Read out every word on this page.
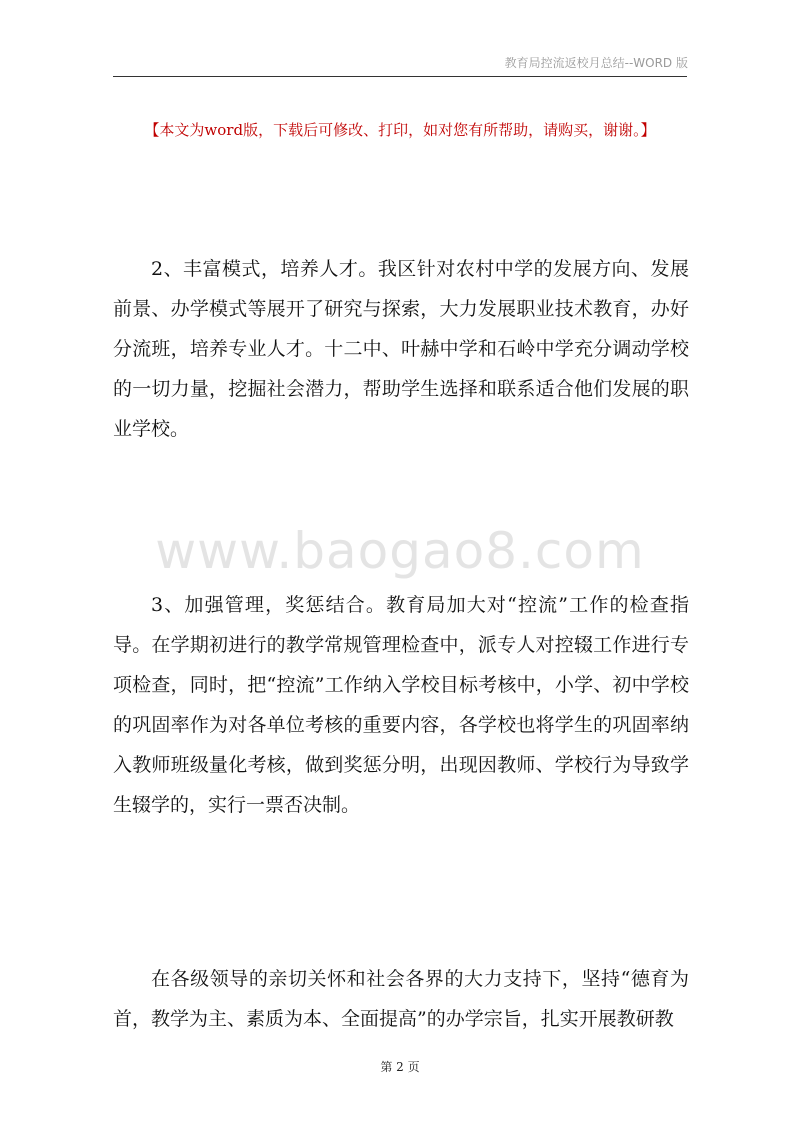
教育局控流返校月总结--WORD 版
【本文为word版，下载后可修改、打印，如对您有所帮助，请购买，谢谢。】

2、丰富模式，培养人才。我区针对农村中学的发展方向、发展前景、办学模式等展开了研究与探索，大力发展职业技术教育，办好分流班，培养专业人才。十二中、叶赫中学和石岭中学充分调动学校的一切力量，挖掘社会潜力，帮助学生选择和联系适合他们发展的职业学校。

www.baogao8.com

3、加强管理，奖惩结合。教育局加大对“控流”工作的检查指导。在学期初进行的教学常规管理检查中，派专人对控辍工作进行专项检查，同时，把“控流”工作纳入学校目标考核中，小学、初中学校的巩固率作为对各单位考核的重要内容，各学校也将学生的巩固率纳入教师班级量化考核，做到奖惩分明，出现因教师、学校行为导致学生辍学的，实行一票否决制。

在各级领导的亲切关怀和社会各界的大力支持下，坚持“德育为首，教学为主、素质为本、全面提高”的办学宗旨，扎实开展教研教

第 2 页
